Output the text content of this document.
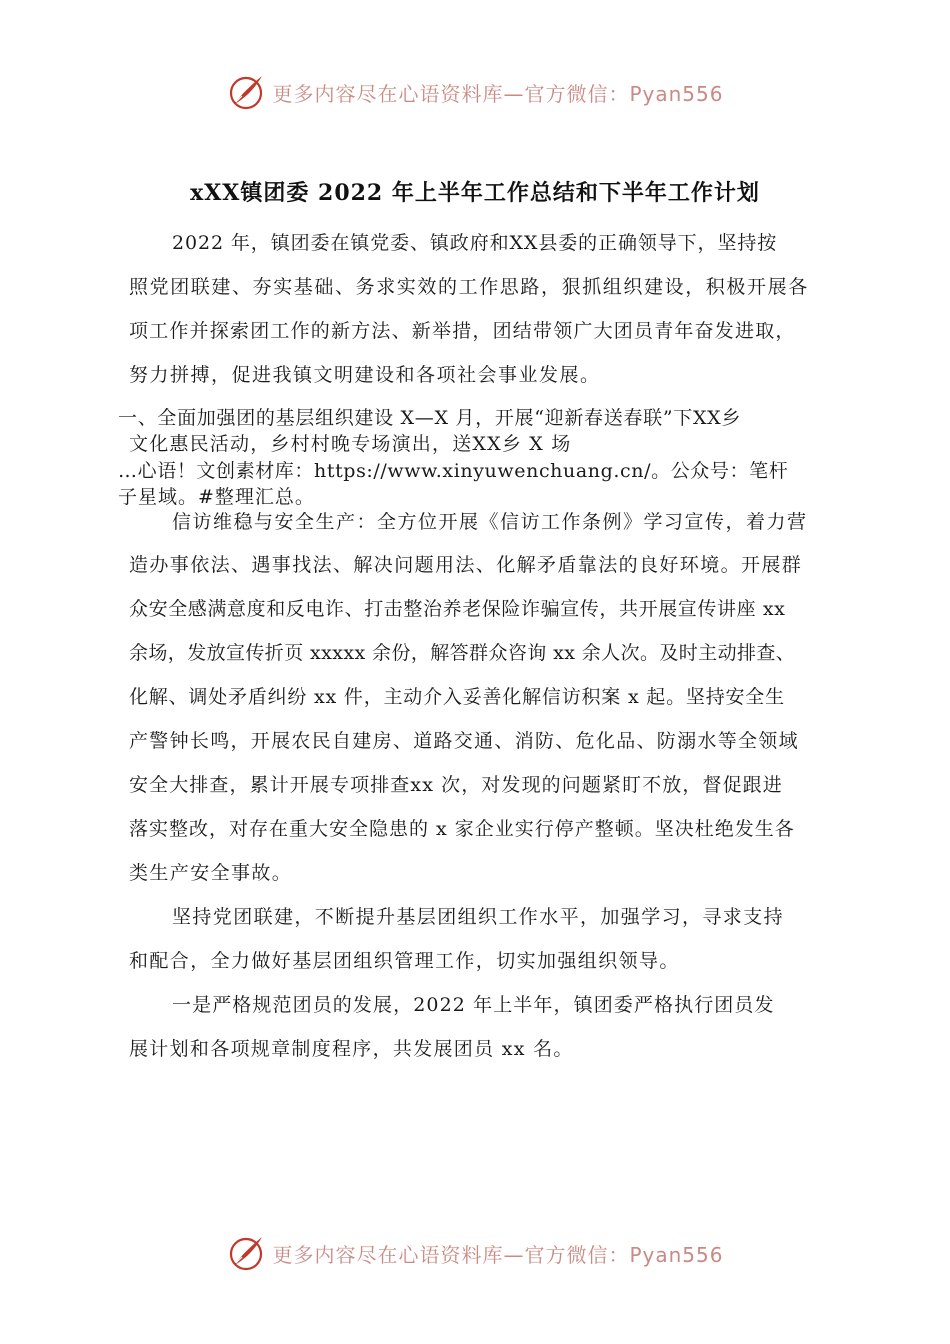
更多内容尽在心语资料库—官方微信：Pyan556
xXX镇团委 2022 年上半年工作总结和下半年工作计划
2022 年，镇团委在镇党委、镇政府和XX县委的正确领导下，坚持按
照党团联建、夯实基础、务求实效的工作思路，狠抓组织建设，积极开展各
项工作并探索团工作的新方法、新举措，团结带领广大团员青年奋发进取，
努力拼搏，促进我镇文明建设和各项社会事业发展。
一、全面加强团的基层组织建设 X—X 月，开展“迎新春送春联”下XX乡
文化惠民活动，乡村村晚专场演出，送XX乡 X 场
…心语！文创素材库：https://www.xinyuwenchuang.cn/。公众号：笔杆
子星域。#整理汇总。
信访维稳与安全生产：全方位开展《信访工作条例》学习宣传，着力营
造办事依法、遇事找法、解决问题用法、化解矛盾靠法的良好环境。开展群
众安全感满意度和反电诈、打击整治养老保险诈骗宣传，共开展宣传讲座 xx
余场，发放宣传折页 xxxxx 余份，解答群众咨询 xx 余人次。及时主动排查、
化解、调处矛盾纠纷 xx 件，主动介入妥善化解信访积案 x 起。坚持安全生
产警钟长鸣，开展农民自建房、道路交通、消防、危化品、防溺水等全领域
安全大排查，累计开展专项排查xx 次，对发现的问题紧盯不放，督促跟进
落实整改，对存在重大安全隐患的 x 家企业实行停产整顿。坚决杜绝发生各
类生产安全事故。
坚持党团联建，不断提升基层团组织工作水平，加强学习，寻求支持
和配合，全力做好基层团组织管理工作，切实加强组织领导。
一是严格规范团员的发展，2022 年上半年，镇团委严格执行团员发
展计划和各项规章制度程序，共发展团员 xx 名。
更多内容尽在心语资料库—官方微信：Pyan556
